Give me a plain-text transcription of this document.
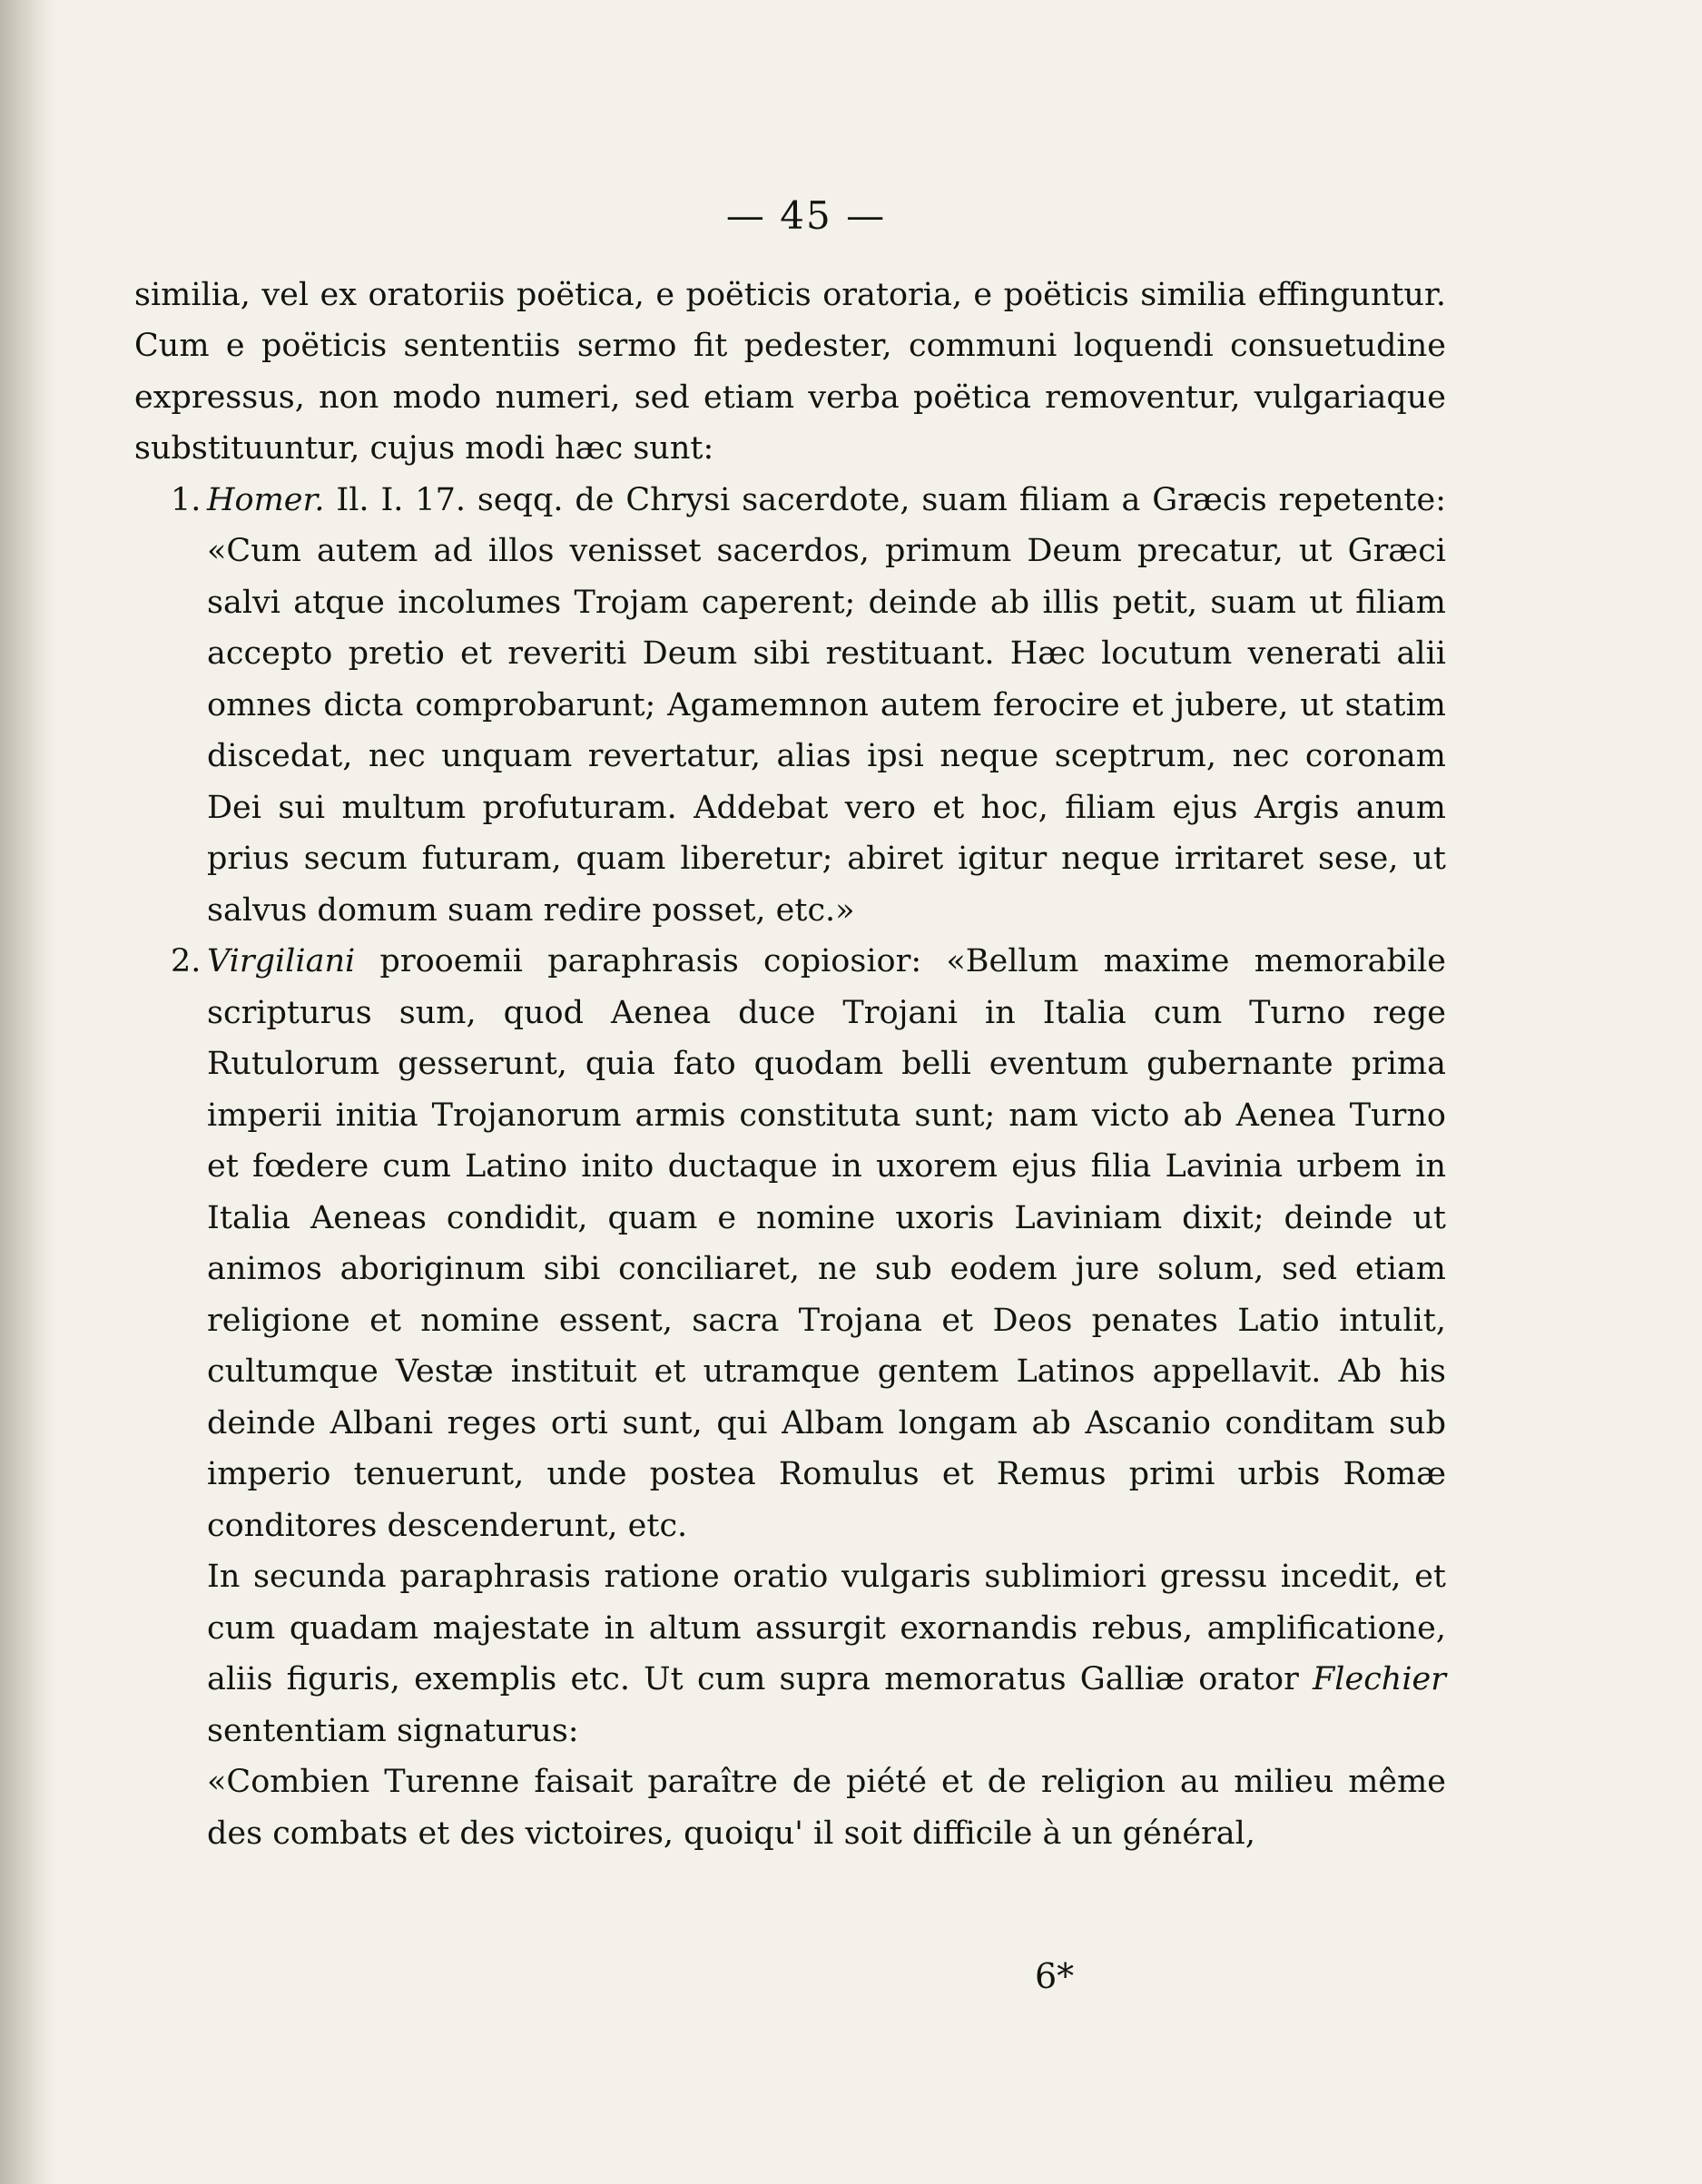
— 45 —

similia, vel ex oratoriis poëtica, e poëticis oratoria, e poëticis similia effinguntur. Cum e poëticis sententiis sermo fit pedester, communi loquendi consuetudine expressus, non modo numeri, sed etiam verba poëtica removentur, vulgariaque substituuntur, cujus modi hæc sunt:

1. Homer. Il. I. 17. seqq. de Chrysi sacerdote, suam filiam a Græcis repetente: «Cum autem ad illos venisset sacerdos, primum Deum precatur, ut Græci salvi atque incolumes Trojam caperent; deinde ab illis petit, suam ut filiam accepto pretio et reveriti Deum sibi restituant. Hæc locutum venerati alii omnes dicta comprobarunt; Agamemnon autem ferocire et jubere, ut statim discedat, nec unquam revertatur, alias ipsi neque sceptrum, nec coronam Dei sui multum profuturam. Addebat vero et hoc, filiam ejus Argis anum prius secum futuram, quam liberetur; abiret igitur neque irritaret sese, ut salvus domum suam redire posset, etc.»

2. Virgiliani prooemii paraphrasis copiosior: «Bellum maxime memorabile scripturus sum, quod Aenea duce Trojani in Italia cum Turno rege Rutulorum gesserunt, quia fato quodam belli eventum gubernante prima imperii initia Trojanorum armis constituta sunt; nam victo ab Aenea Turno et fœdere cum Latino inito ductaque in uxorem ejus filia Lavinia urbem in Italia Aeneas condidit, quam e nomine uxoris Laviniam dixit; deinde ut animos aboriginum sibi conciliaret, ne sub eodem jure solum, sed etiam religione et nomine essent, sacra Trojana et Deos penates Latio intulit, cultumque Vestæ instituit et utramque gentem Latinos appellavit. Ab his deinde Albani reges orti sunt, qui Albam longam ab Ascanio conditam sub imperio tenuerunt, unde postea Romulus et Remus primi urbis Romæ conditores descenderunt, etc.

In secunda paraphrasis ratione oratio vulgaris sublimiori gressu incedit, et cum quadam majestate in altum assurgit exornandis rebus, amplificatione, aliis figuris, exemplis etc. Ut cum supra memoratus Galliæ orator Flechier sententiam signaturus:

«Combien Turenne faisait paraître de piété et de religion au milieu même des combats et des victoires, quoiqu' il soit difficile à un général,

6*
